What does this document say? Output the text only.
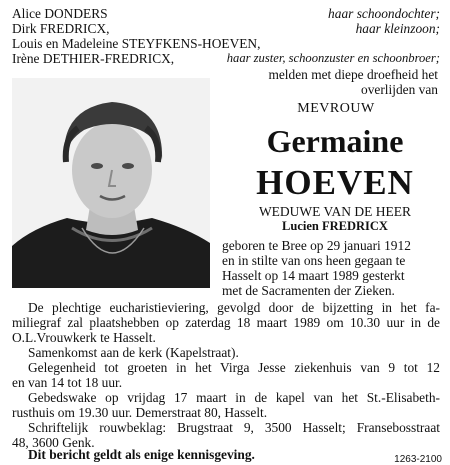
Alice DONDERS	haar schoondochter;
Dirk FREDRICX,	haar kleinzoon;
Louis en Madeleine STEYFKENS-HOEVEN,
Irène DETHIER-FREDRICX,	haar zuster, schoonzuster en schoonbroer;
melden met diepe droefheid het
overlijden van
MEVROUW
Germaine
HOEVEN
WEDUWE VAN DE HEER
Lucien FREDRICX
geboren te Bree op 29 januari 1912
en in stilte van ons heen gegaan te
Hasselt op 14 maart 1989 gesterkt
met de Sacramenten der Zieken.
De plechtige eucharistieviering, gevolgd door de bijzetting in het fa-
miliegraf zal plaatshebben op zaterdag 18 maart 1989 om 10.30 uur in de
O.L.Vrouwkerk te Hasselt.
Samenkomst aan de kerk (Kapelstraat).
Gelegenheid tot groeten in het Virga Jesse ziekenhuis van 9 tot 12
en van 14 tot 18 uur.
Gebedswake op vrijdag 17 maart in de kapel van het St.-Elisabeth-
rusthuis om 19.30 uur. Demerstraat 80, Hasselt.
Schriftelijk rouwbeklag: Brugstraat 9, 3500 Hasselt; Fransebosstraat
48, 3600 Genk.
Dit bericht geldt als enige kennisgeving.	1263-2100
